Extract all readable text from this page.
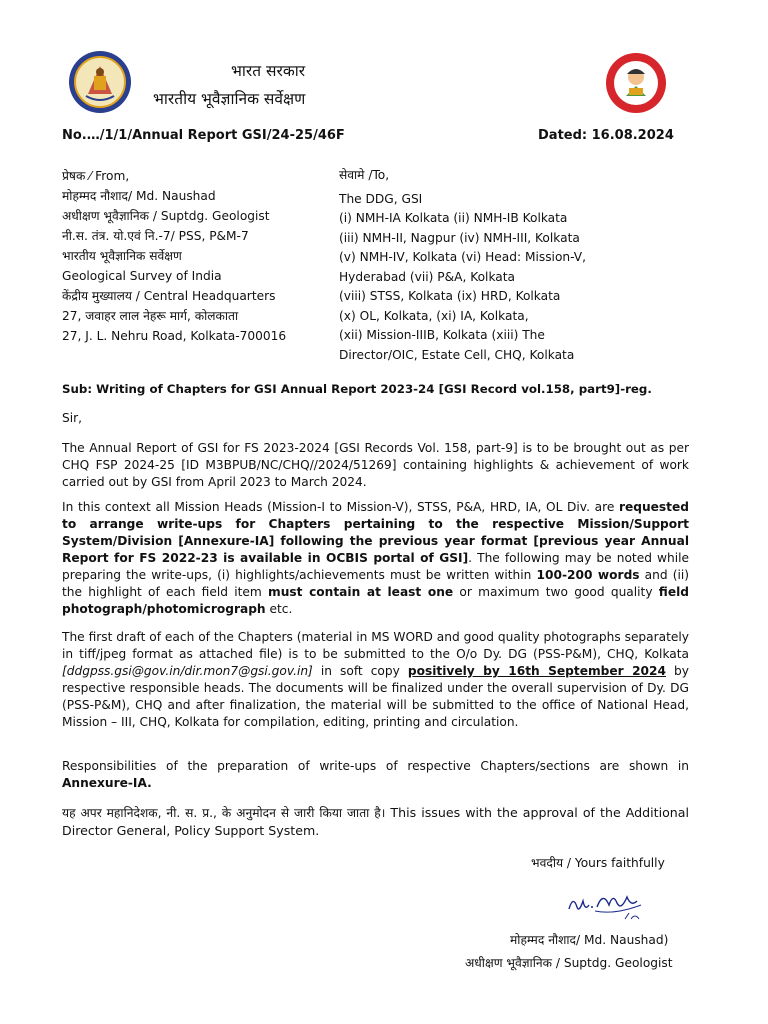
भारत सरकार
भारतीय भूवैज्ञानिक सर्वेक्षण
No.…/1/1/Annual Report GSI/24-25/46F	Dated: 16.08.2024
प्रेषक ⁄ From,
मोहम्मद नौशाद/ Md. Naushad
अधीक्षण भूवैज्ञानिक / Suptdg. Geologist
नी.स. तंत्र. यो.एवं नि.-7/ PSS, P&M-7
भारतीय भूवैज्ञानिक सर्वेक्षण
Geological Survey of India
केंद्रीय मुख्यालय / Central Headquarters
27, जवाहर लाल नेहरू मार्ग, कोलकाता
27, J. L. Nehru Road, Kolkata-700016
सेवामे /To,
The DDG, GSI
(i) NMH-IA Kolkata (ii) NMH-IB Kolkata
(iii) NMH-II, Nagpur (iv) NMH-III, Kolkata
(v) NMH-IV, Kolkata (vi) Head: Mission-V,
Hyderabad (vii) P&A, Kolkata
(viii) STSS, Kolkata (ix) HRD, Kolkata
(x) OL, Kolkata, (xi) IA, Kolkata,
(xii) Mission-IIIB, Kolkata (xiii) The
Director/OIC, Estate Cell, CHQ, Kolkata
Sub: Writing of Chapters for GSI Annual Report 2023-24 [GSI Record vol.158, part9]-reg.
Sir,
The Annual Report of GSI for FS 2023-2024 [GSI Records Vol. 158, part-9] is to be brought out as per CHQ FSP 2024-25 [ID M3BPUB/NC/CHQ//2024/51269] containing highlights & achievement of work carried out by GSI from April 2023 to March 2024.
In this context all Mission Heads (Mission-I to Mission-V), STSS, P&A, HRD, IA, OL Div. are requested to arrange write-ups for Chapters pertaining to the respective Mission/Support System/Division [Annexure-IA] following the previous year format [previous year Annual Report for FS 2022-23 is available in OCBIS portal of GSI]. The following may be noted while preparing the write-ups, (i) highlights/achievements must be written within 100-200 words and (ii) the highlight of each field item must contain at least one or maximum two good quality field photograph/photomicrograph etc.
The first draft of each of the Chapters (material in MS WORD and good quality photographs separately in tiff/jpeg format as attached file) is to be submitted to the O/o Dy. DG (PSS-P&M), CHQ, Kolkata [ddgpss.gsi@gov.in/dir.mon7@gsi.gov.in] in soft copy positively by 16th September 2024 by respective responsible heads. The documents will be finalized under the overall supervision of Dy. DG (PSS-P&M), CHQ and after finalization, the material will be submitted to the office of National Head, Mission – III, CHQ, Kolkata for compilation, editing, printing and circulation.
Responsibilities of the preparation of write-ups of respective Chapters/sections are shown in Annexure-IA.
यह अपर महानिदेशक, नी. स. प्र., के अनुमोदन से जारी किया जाता है। This issues with the approval of the Additional Director General, Policy Support System.
भवदीय / Yours faithfully
मोहम्मद नौशाद/ Md. Naushad)
अधीक्षण भूवैज्ञानिक / Suptdg. Geologist
